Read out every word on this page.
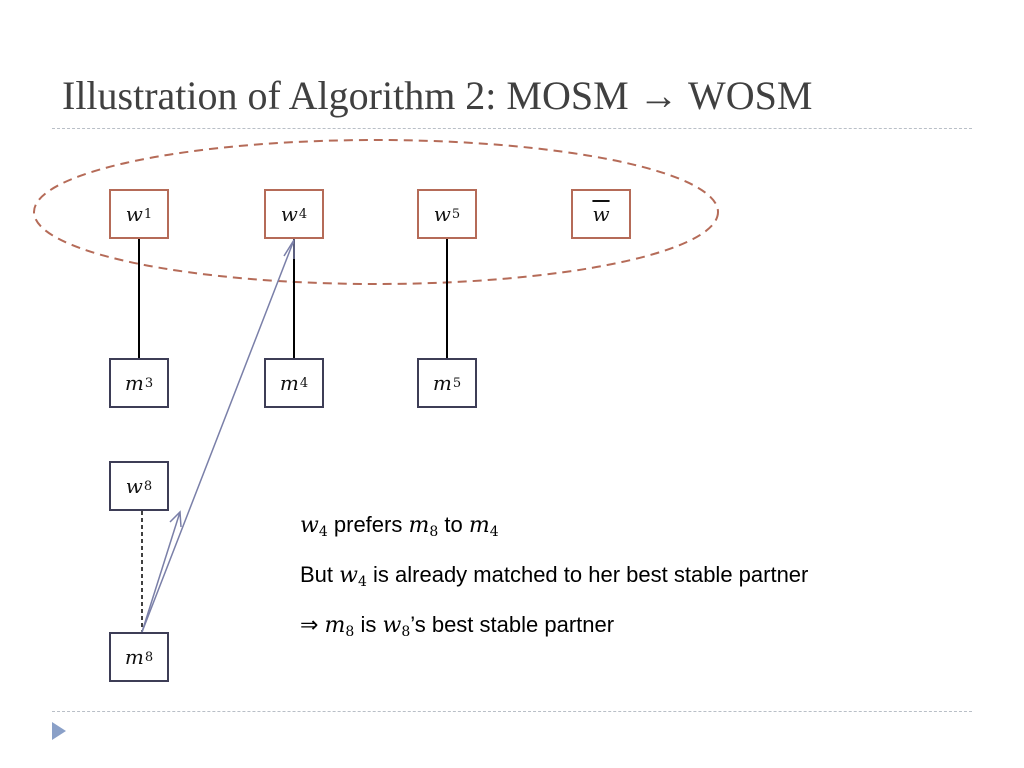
Illustration of Algorithm 2: MOSM → WOSM
w 1	w 4	w 5	$\overline{w}$
m 3	m 4	m 5
w 8
m 8
$w_4$ prefers $m_8$ to $m_4$
But $w_4$ is already matched to her best stable partner
⇒ $m_8$ is $w_8’s$ best stable partner
